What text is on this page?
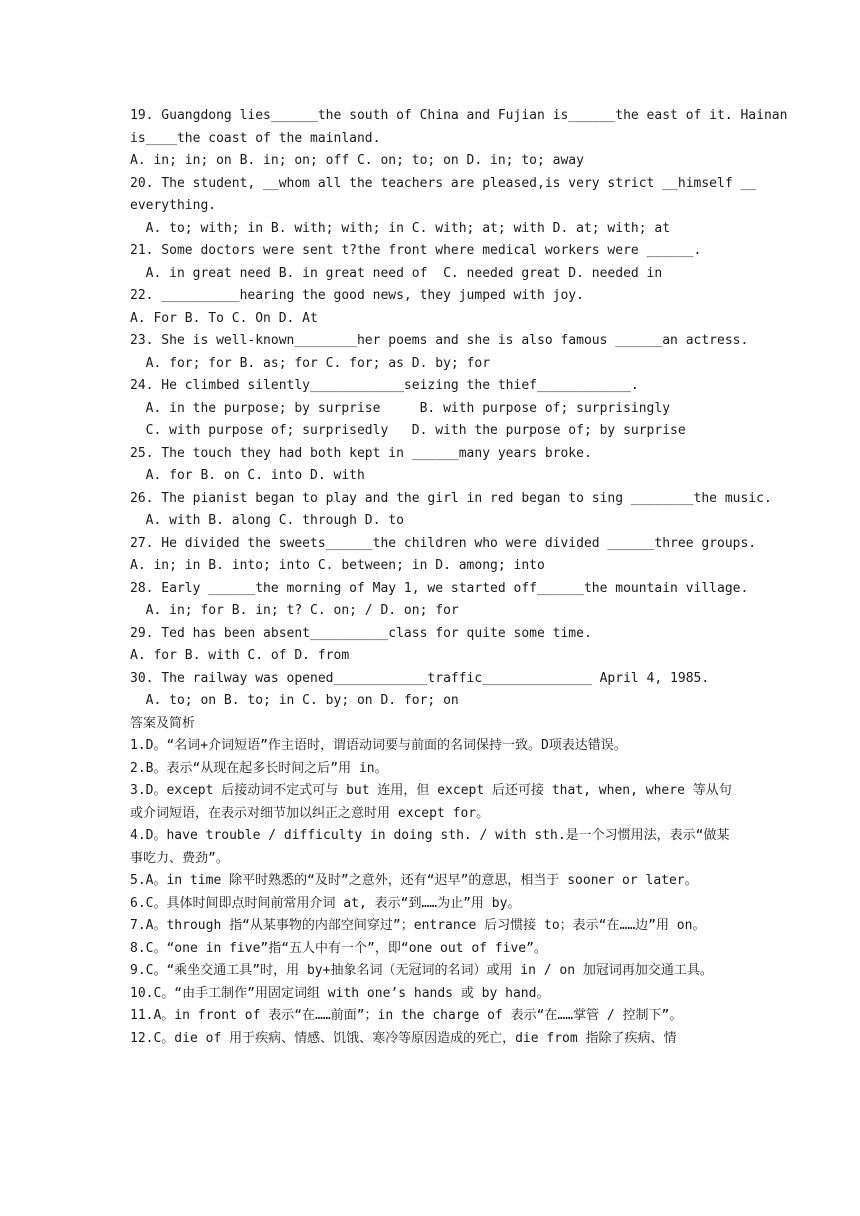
19. Guangdong lies______the south of China and Fujian is______the east of it. Hainan
is____the coast of the mainland.
A. in; in; on B. in; on; off C. on; to; on D. in; to; away
20. The student, __whom all the teachers are pleased,is very strict __himself __
everything.
A. to; with; in B. with; with; in C. with; at; with D. at; with; at
21. Some doctors were sent t?the front where medical workers were ______.
A. in great need B. in great need of  C. needed great D. needed in
22. __________hearing the good news, they jumped with joy.
A. For B. To C. On D. At
23. She is well-known________her poems and she is also famous ______an actress.
A. for; for B. as; for C. for; as D. by; for
24. He climbed silently____________seizing the thief____________.
A. in the purpose; by surprise     B. with purpose of; surprisingly
C. with purpose of; surprisedly   D. with the purpose of; by surprise
25. The touch they had both kept in ______many years broke.
A. for B. on C. into D. with
26. The pianist began to play and the girl in red began to sing ________the music.
A. with B. along C. through D. to
27. He divided the sweets______the children who were divided ______three groups.
A. in; in B. into; into C. between; in D. among; into
28. Early ______the morning of May 1, we started off______the mountain village.
A. in; for B. in; t? C. on; / D. on; for
29. Ted has been absent__________class for quite some time.
A. for B. with C. of D. from
30. The railway was opened____________traffic______________ April 4, 1985.
A. to; on B. to; in C. by; on D. for; on
答案及简析
1.D。“名词+介词短语”作主语时，谓语动词要与前面的名词保持一致。D项表达错误。
2.B。表示“从现在起多长时间之后”用 in。
3.D。except 后接动词不定式可与 but 连用，但 except 后还可接 that, when, where 等从句或介词短语，在表示对细节加以纠正之意时用 except for。
4.D。have trouble / difficulty in doing sth. / with sth.是一个习惯用法，表示“做某事吃力、费劲”。
5.A。in time 除平时熟悉的“及时”之意外，还有“迟早”的意思，相当于 sooner or later。
6.C。具体时间即点时间前常用介词 at, 表示“到……为止”用 by。
7.A。through 指“从某事物的内部空间穿过”；entrance 后习惯接 to；表示“在……边”用 on。
8.C。“one in five”指“五人中有一个”，即“one out of five”。
9.C。“乘坐交通工具”时，用 by+抽象名词（无冠词的名词）或用 in / on 加冠词再加交通工具。
10.C。“由手工制作”用固定词组 with one’s hands 或 by hand。
11.A。in front of 表示“在……前面”；in the charge of 表示“在……掌管 / 控制下”。
12.C。die of 用于疾病、情感、饥饿、寒冷等原因造成的死亡，die from 指除了疾病、情
